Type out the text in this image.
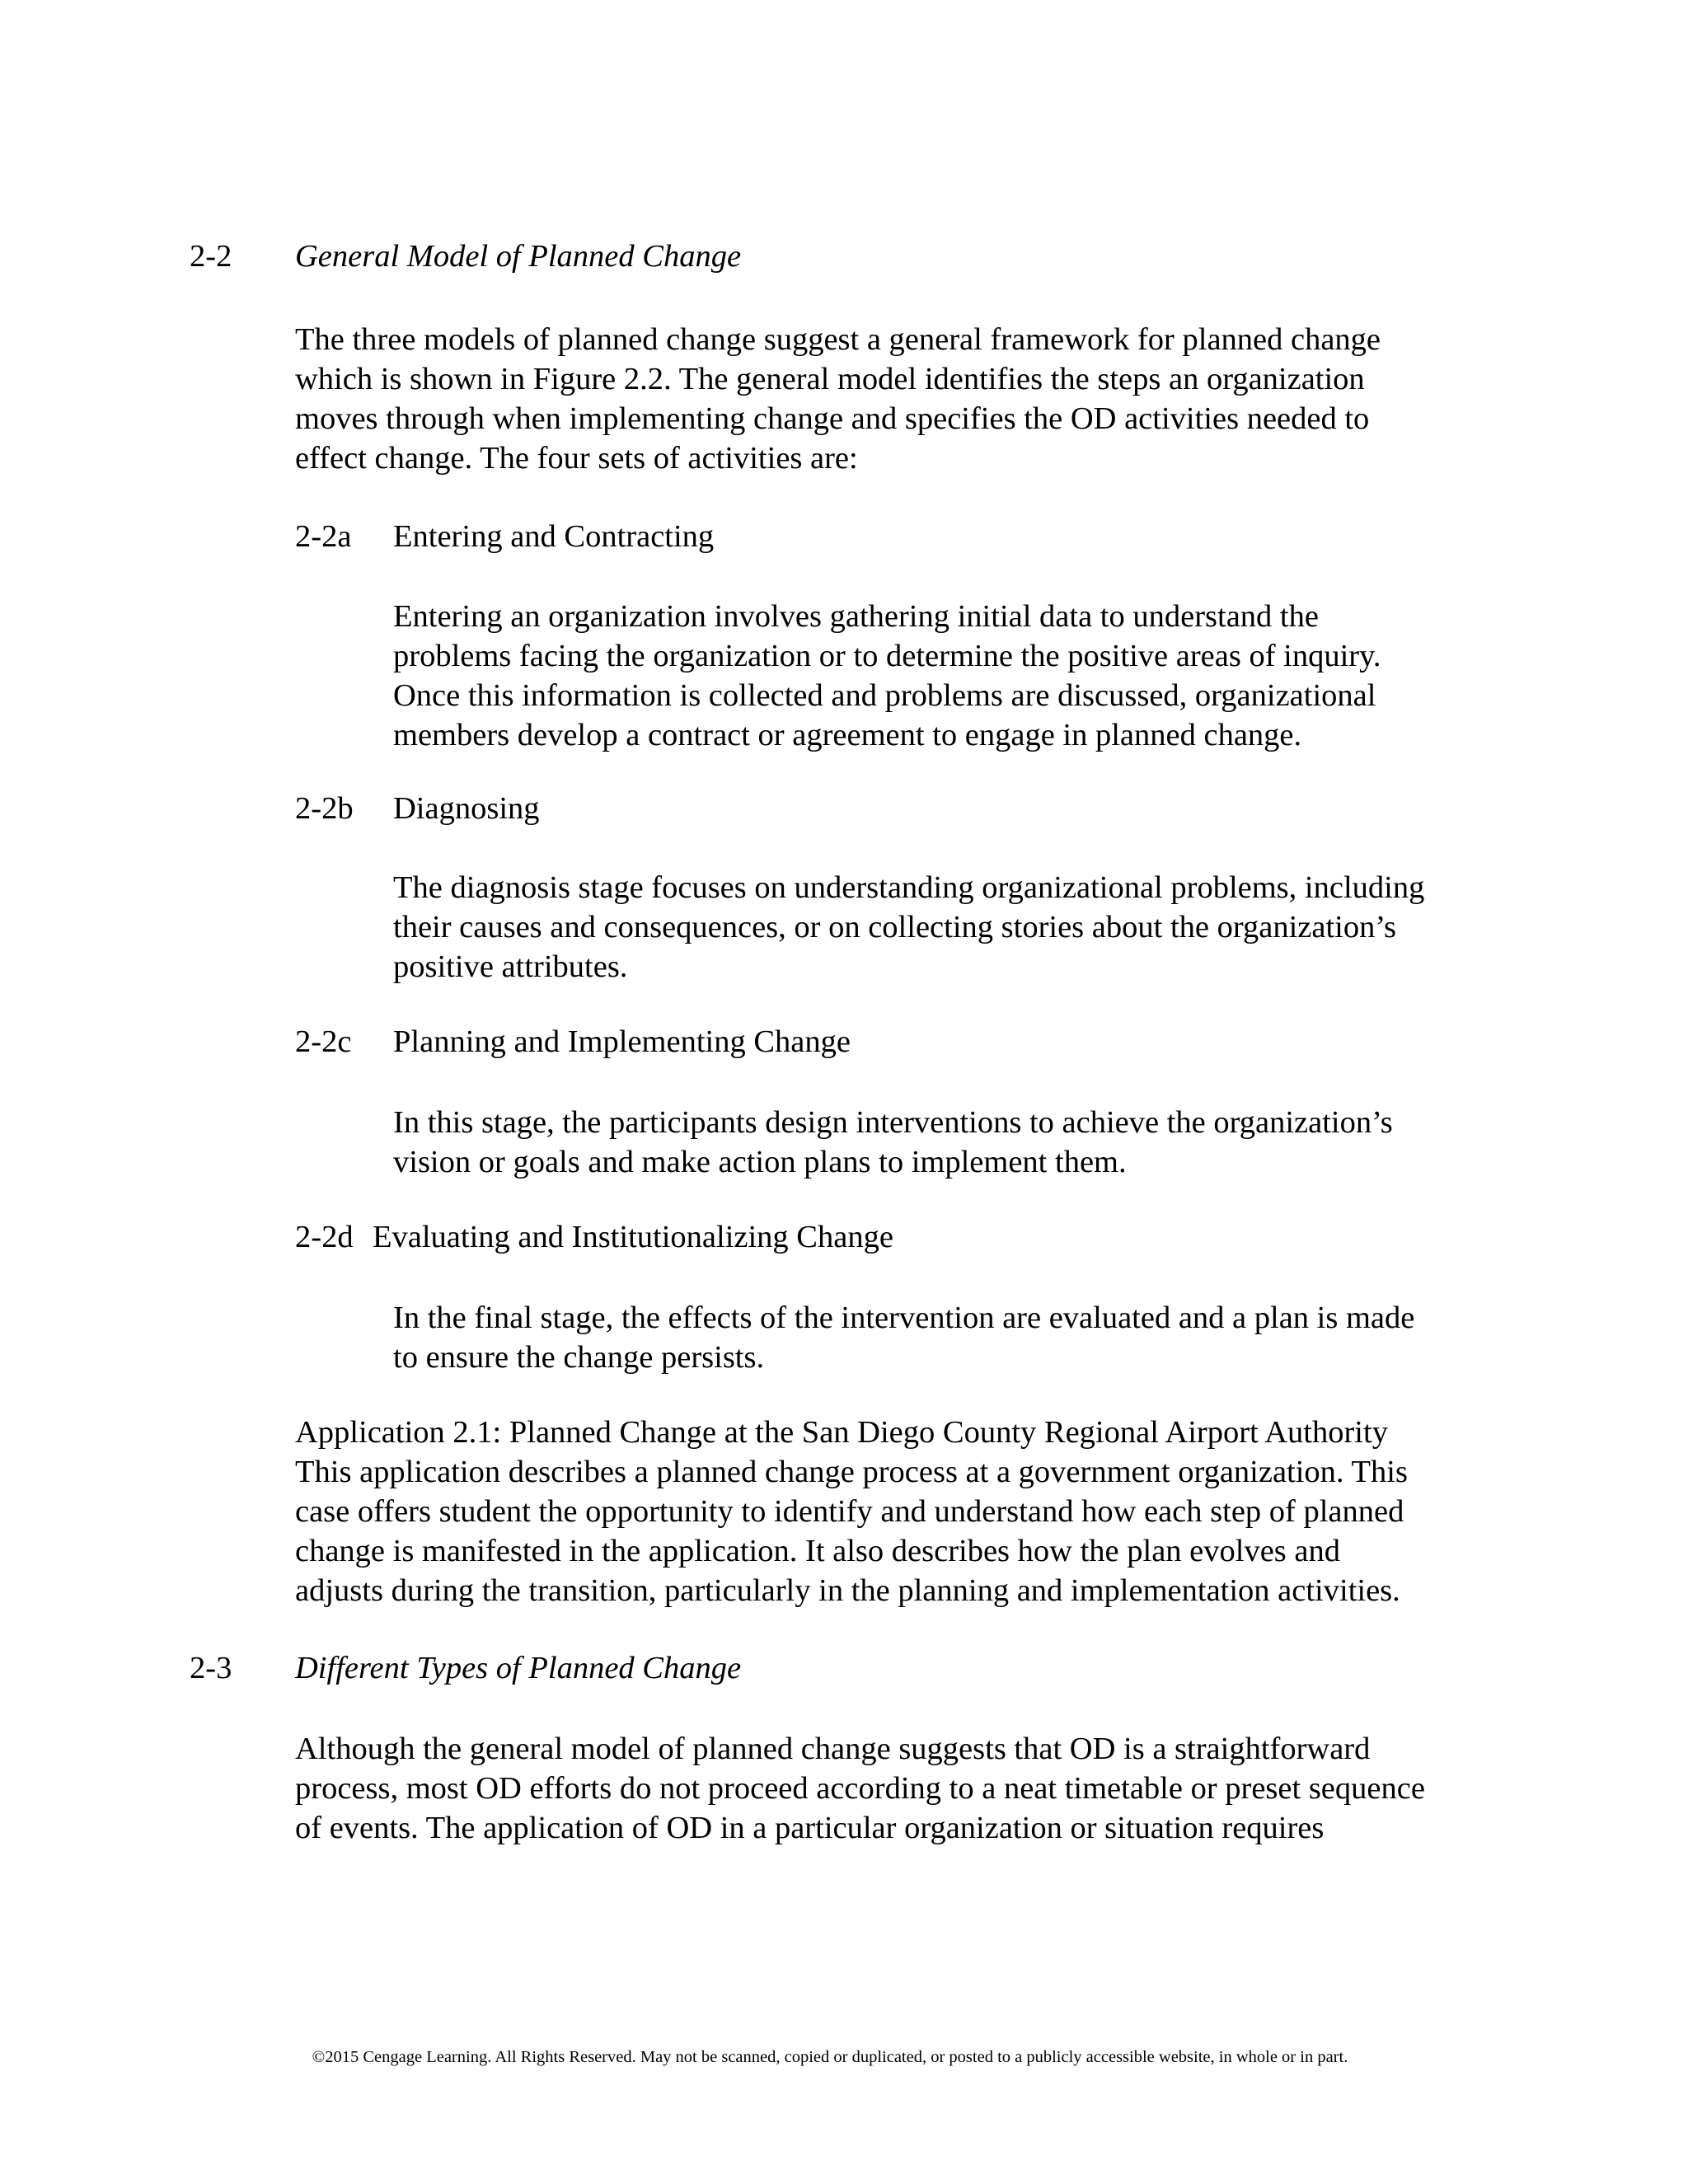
2-2 General Model of Planned Change
The three models of planned change suggest a general framework for planned change
which is shown in Figure 2.2. The general model identifies the steps an organization
moves through when implementing change and specifies the OD activities needed to
effect change. The four sets of activities are:
2-2a Entering and Contracting
Entering an organization involves gathering initial data to understand the
problems facing the organization or to determine the positive areas of inquiry.
Once this information is collected and problems are discussed, organizational
members develop a contract or agreement to engage in planned change.
2-2b Diagnosing
The diagnosis stage focuses on understanding organizational problems, including
their causes and consequences, or on collecting stories about the organization’s
positive attributes.
2-2c Planning and Implementing Change
In this stage, the participants design interventions to achieve the organization’s
vision or goals and make action plans to implement them.
2-2d Evaluating and Institutionalizing Change
In the final stage, the effects of the intervention are evaluated and a plan is made
to ensure the change persists.
Application 2.1: Planned Change at the San Diego County Regional Airport Authority
This application describes a planned change process at a government organization. This
case offers student the opportunity to identify and understand how each step of planned
change is manifested in the application. It also describes how the plan evolves and
adjusts during the transition, particularly in the planning and implementation activities.
2-3 Different Types of Planned Change
Although the general model of planned change suggests that OD is a straightforward
process, most OD efforts do not proceed according to a neat timetable or preset sequence
of events. The application of OD in a particular organization or situation requires
©2015 Cengage Learning. All Rights Reserved. May not be scanned, copied or duplicated, or posted to a publicly accessible website, in whole or in part.
